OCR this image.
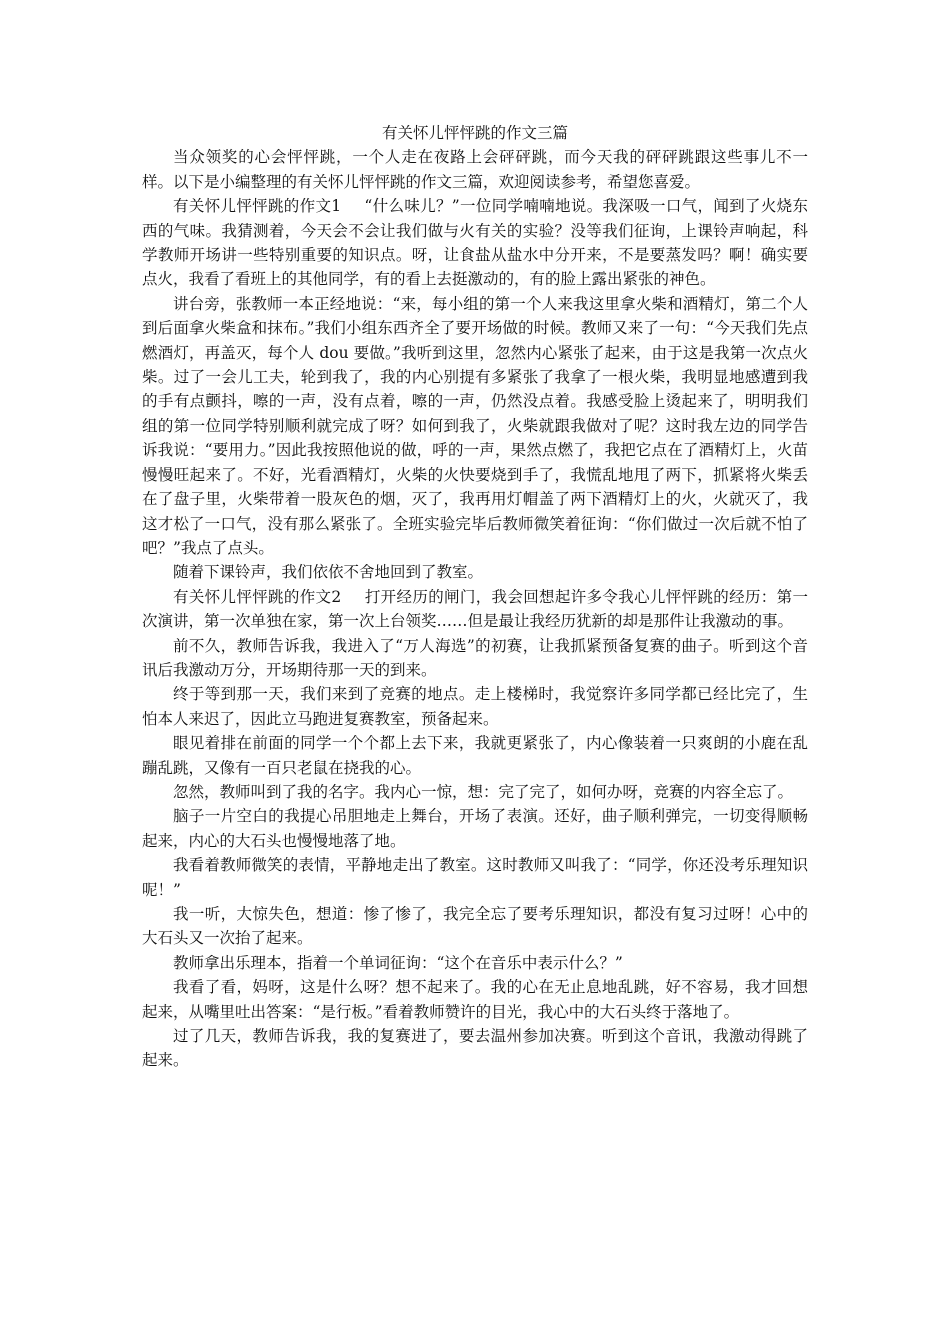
有关怀儿怦怦跳的作文三篇

当众领奖的心会怦怦跳，一个人走在夜路上会砰砰跳，而今天我的砰砰跳跟这些事儿不一样。以下是小编整理的有关怀儿怦怦跳的作文三篇，欢迎阅读参考，希望您喜爱。

有关怀儿怦怦跳的作文1 “什么味儿？”一位同学喃喃地说。我深吸一口气，闻到了火烧东西的气味。我猜测着，今天会不会让我们做与火有关的实验？没等我们征询，上课铃声响起，科学教师开场讲一些特别重要的知识点。呀，让食盐从盐水中分开来，不是要蒸发吗？啊！确实要点火，我看了看班上的其他同学，有的看上去挺激动的，有的脸上露出紧张的神色。

讲台旁，张教师一本正经地说：“来，每小组的第一个人来我这里拿火柴和酒精灯，第二个人到后面拿火柴盒和抹布。”我们小组东西齐全了要开场做的时候。教师又来了一句：“今天我们先点燃酒灯，再盖灭，每个人 dou 要做。”我听到这里，忽然内心紧张了起来，由于这是我第一次点火柴。过了一会儿工夫，轮到我了，我的内心别提有多紧张了我拿了一根火柴，我明显地感遭到我的手有点颤抖，嚓的一声，没有点着，嚓的一声，仍然没点着。我感受脸上烫起来了，明明我们组的第一位同学特别顺利就完成了呀？如何到我了，火柴就跟我做对了呢？这时我左边的同学告诉我说：“要用力。”因此我按照他说的做，呼的一声，果然点燃了，我把它点在了酒精灯上，火苗慢慢旺起来了。不好，光看酒精灯，火柴的火快要烧到手了，我慌乱地甩了两下，抓紧将火柴丢在了盘子里，火柴带着一股灰色的烟，灭了，我再用灯帽盖了两下酒精灯上的火，火就灭了，我这才松了一口气，没有那么紧张了。全班实验完毕后教师微笑着征询：“你们做过一次后就不怕了吧？”我点了点头。

随着下课铃声，我们依依不舍地回到了教室。

有关怀儿怦怦跳的作文2 打开经历的闸门，我会回想起许多令我心儿怦怦跳的经历：第一次演讲，第一次单独在家，第一次上台领奖……但是最让我经历犹新的却是那件让我激动的事。

前不久，教师告诉我，我进入了“万人海选”的初赛，让我抓紧预备复赛的曲子。听到这个音讯后我激动万分，开场期待那一天的到来。

终于等到那一天，我们来到了竞赛的地点。走上楼梯时，我觉察许多同学都已经比完了，生怕本人来迟了，因此立马跑进复赛教室，预备起来。

眼见着排在前面的同学一个个都上去下来，我就更紧张了，内心像装着一只爽朗的小鹿在乱蹦乱跳，又像有一百只老鼠在挠我的心。

忽然，教师叫到了我的名字。我内心一惊，想：完了完了，如何办呀，竞赛的内容全忘了。

脑子一片空白的我提心吊胆地走上舞台，开场了表演。还好，曲子顺利弹完，一切变得顺畅起来，内心的大石头也慢慢地落了地。

我看着教师微笑的表情，平静地走出了教室。这时教师又叫我了：“同学，你还没考乐理知识呢！”

我一听，大惊失色，想道：惨了惨了，我完全忘了要考乐理知识，都没有复习过呀！心中的大石头又一次抬了起来。

教师拿出乐理本，指着一个单词征询：“这个在音乐中表示什么？”

我看了看，妈呀，这是什么呀？想不起来了。我的心在无止息地乱跳，好不容易，我才回想起来，从嘴里吐出答案：“是行板。”看着教师赞许的目光，我心中的大石头终于落地了。

过了几天，教师告诉我，我的复赛进了，要去温州参加决赛。听到这个音讯，我激动得跳了起来。
